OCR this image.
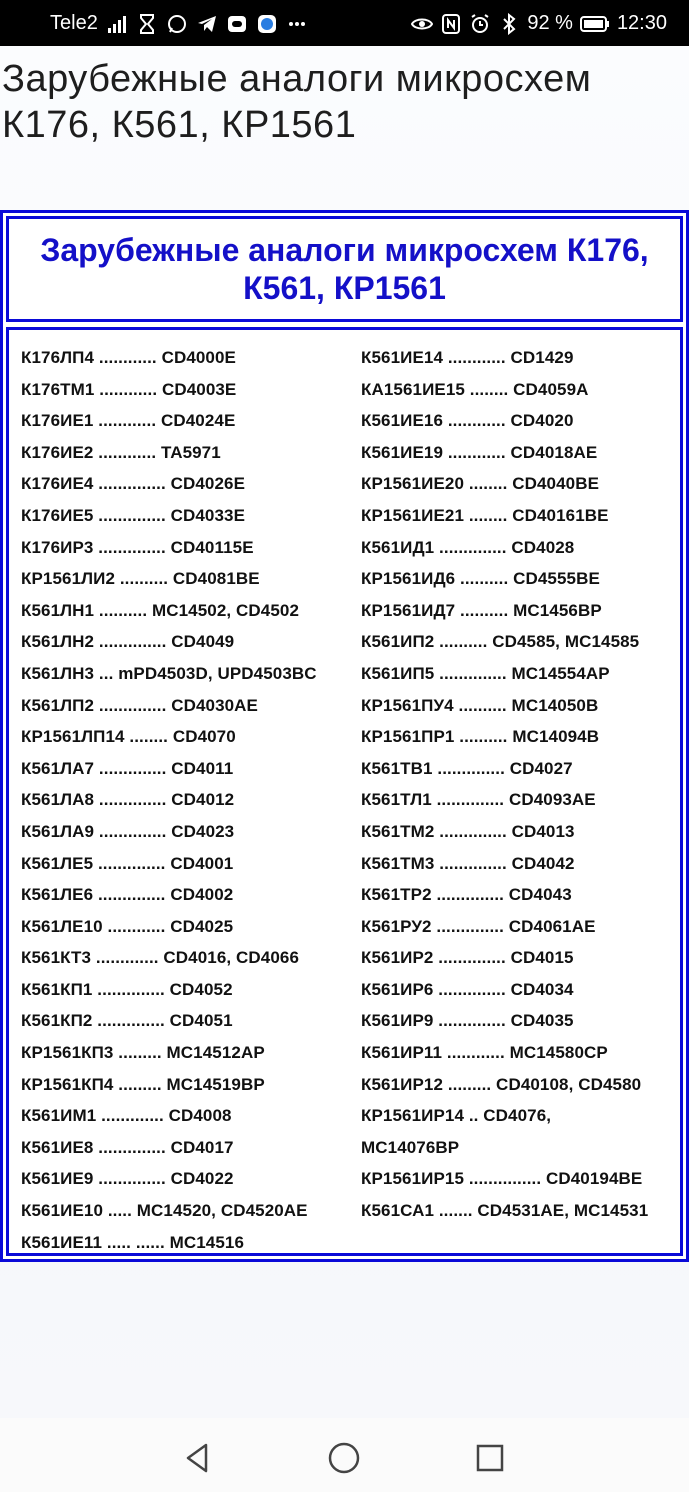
Tele2	92 % 12:30
Зарубежные аналоги микросхем К176, К561, КР1561
Зарубежные аналоги микросхем К176, К561, КР1561
К176ЛП4 ............ CD4000E
К176ТМ1 ............ CD4003E
К176ИЕ1 ............ CD4024E
К176ИЕ2 ............ TA5971
К176ИЕ4 .............. CD4026E
К176ИЕ5 .............. CD4033E
К176ИР3 .............. CD40115E
КР1561ЛИ2 .......... CD4081BE
К561ЛН1 .......... MC14502, CD4502
К561ЛН2 .............. CD4049
К561ЛН3 ... mPD4503D, UPD4503BC
К561ЛП2 .............. CD4030AE
КР1561ЛП14 ........ CD4070
К561ЛА7 .............. CD4011
К561ЛА8 .............. CD4012
К561ЛА9 .............. CD4023
К561ЛЕ5 .............. CD4001
К561ЛЕ6 .............. CD4002
К561ЛЕ10 ............ CD4025
К561КТ3 ............. CD4016, CD4066
К561КП1 .............. CD4052
К561КП2 .............. CD4051
КР1561КП3 ......... MC14512AP
КР1561КП4 ......... MC14519BP
К561ИМ1 ............. CD4008
К561ИЕ8 .............. CD4017
К561ИЕ9 .............. CD4022
К561ИЕ10 ..... MC14520, CD4520AE
К561ИЕ11 ..... ...... MC14516
К561ИЕ14 ............ CD1429
КА1561ИЕ15 ........ CD4059A
К561ИЕ16 ............ CD4020
К561ИЕ19 ............ CD4018AE
КР1561ИЕ20 ........ CD4040BE
КР1561ИЕ21 ........ CD40161BE
К561ИД1 .............. CD4028
КР1561ИД6 .......... CD4555BE
КР1561ИД7 .......... MC1456BP
К561ИП2 .......... CD4585, MC14585
К561ИП5 .............. MC14554AP
КР1561ПУ4 .......... MC14050B
КР1561ПР1 .......... MC14094B
К561ТВ1 .............. CD4027
К561ТЛ1 .............. CD4093AE
К561ТМ2 .............. CD4013
К561ТМ3 .............. CD4042
К561ТР2 .............. CD4043
К561РУ2 .............. CD4061AE
К561ИР2 .............. CD4015
К561ИР6 .............. CD4034
К561ИР9 .............. CD4035
К561ИР11 ............ MC14580CP
К561ИР12 ......... CD40108, CD4580
КР1561ИР14 .. CD4076,
MC14076BP
КР1561ИР15 ............... CD40194BE
К561СА1 ....... CD4531AE, MC14531
